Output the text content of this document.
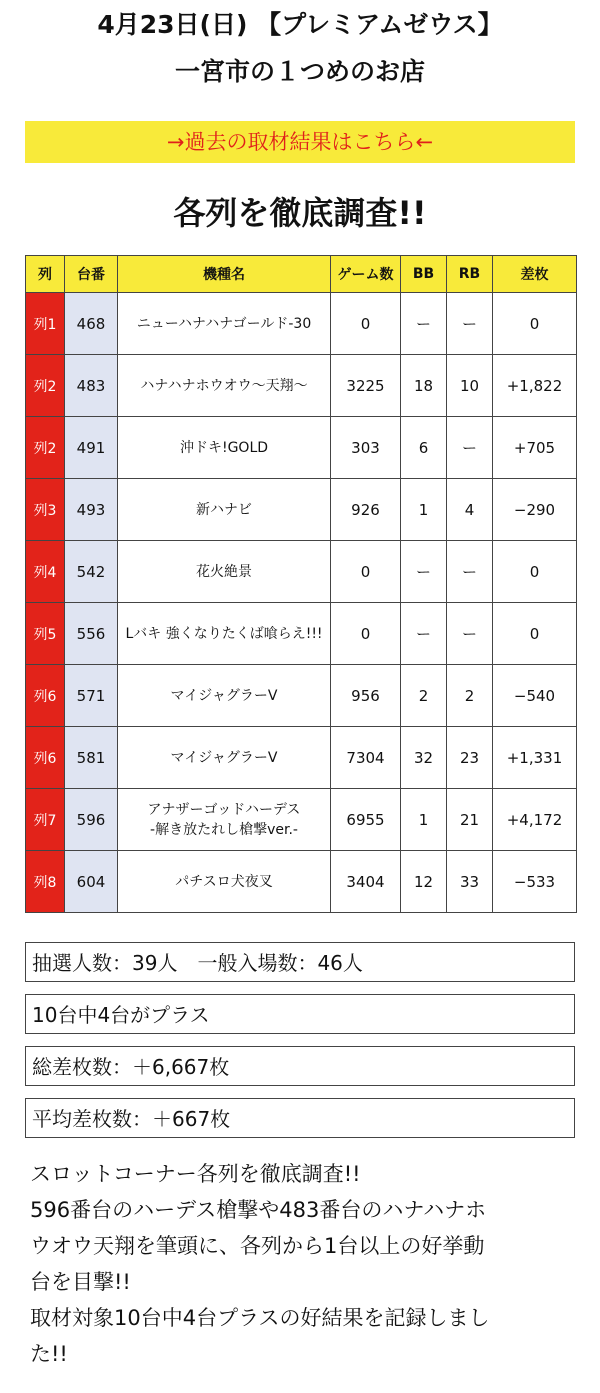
4月23日(日) 【プレミアムゼウス】
一宮市の１つめのお店
→過去の取材結果はこちら←
各列を徹底調査!!
列	台番	機種名	ゲーム数	BB	RB	差枚
列1	468	ニューハナハナゴールド-30	0	ー	ー	0
列2	483	ハナハナホウオウ〜天翔〜	3225	18	10	+1,822
列2	491	沖ドキ!GOLD	303	6	ー	+705
列3	493	新ハナビ	926	1	4	−290
列4	542	花火絶景	0	ー	ー	0
列5	556	Lバキ 強くなりたくば喰らえ!!!	0	ー	ー	0
列6	571	マイジャグラーV	956	2	2	−540
列6	581	マイジャグラーV	7304	32	23	+1,331
列7	596	アナザーゴッドハーデス
-解き放たれし槍撃ver.-	6955	1	21	+4,172
列8	604	パチスロ犬夜叉	3404	12	33	−533
抽選人数：39人　一般入場数：46人
10台中4台がプラス
総差枚数：＋6,667枚
平均差枚数：＋667枚
スロットコーナー各列を徹底調査!!
596番台のハーデス槍撃や483番台のハナハナホ
ウオウ天翔を筆頭に、各列から1台以上の好挙動
台を目撃!!
取材対象10台中4台プラスの好結果を記録しまし
た!!
